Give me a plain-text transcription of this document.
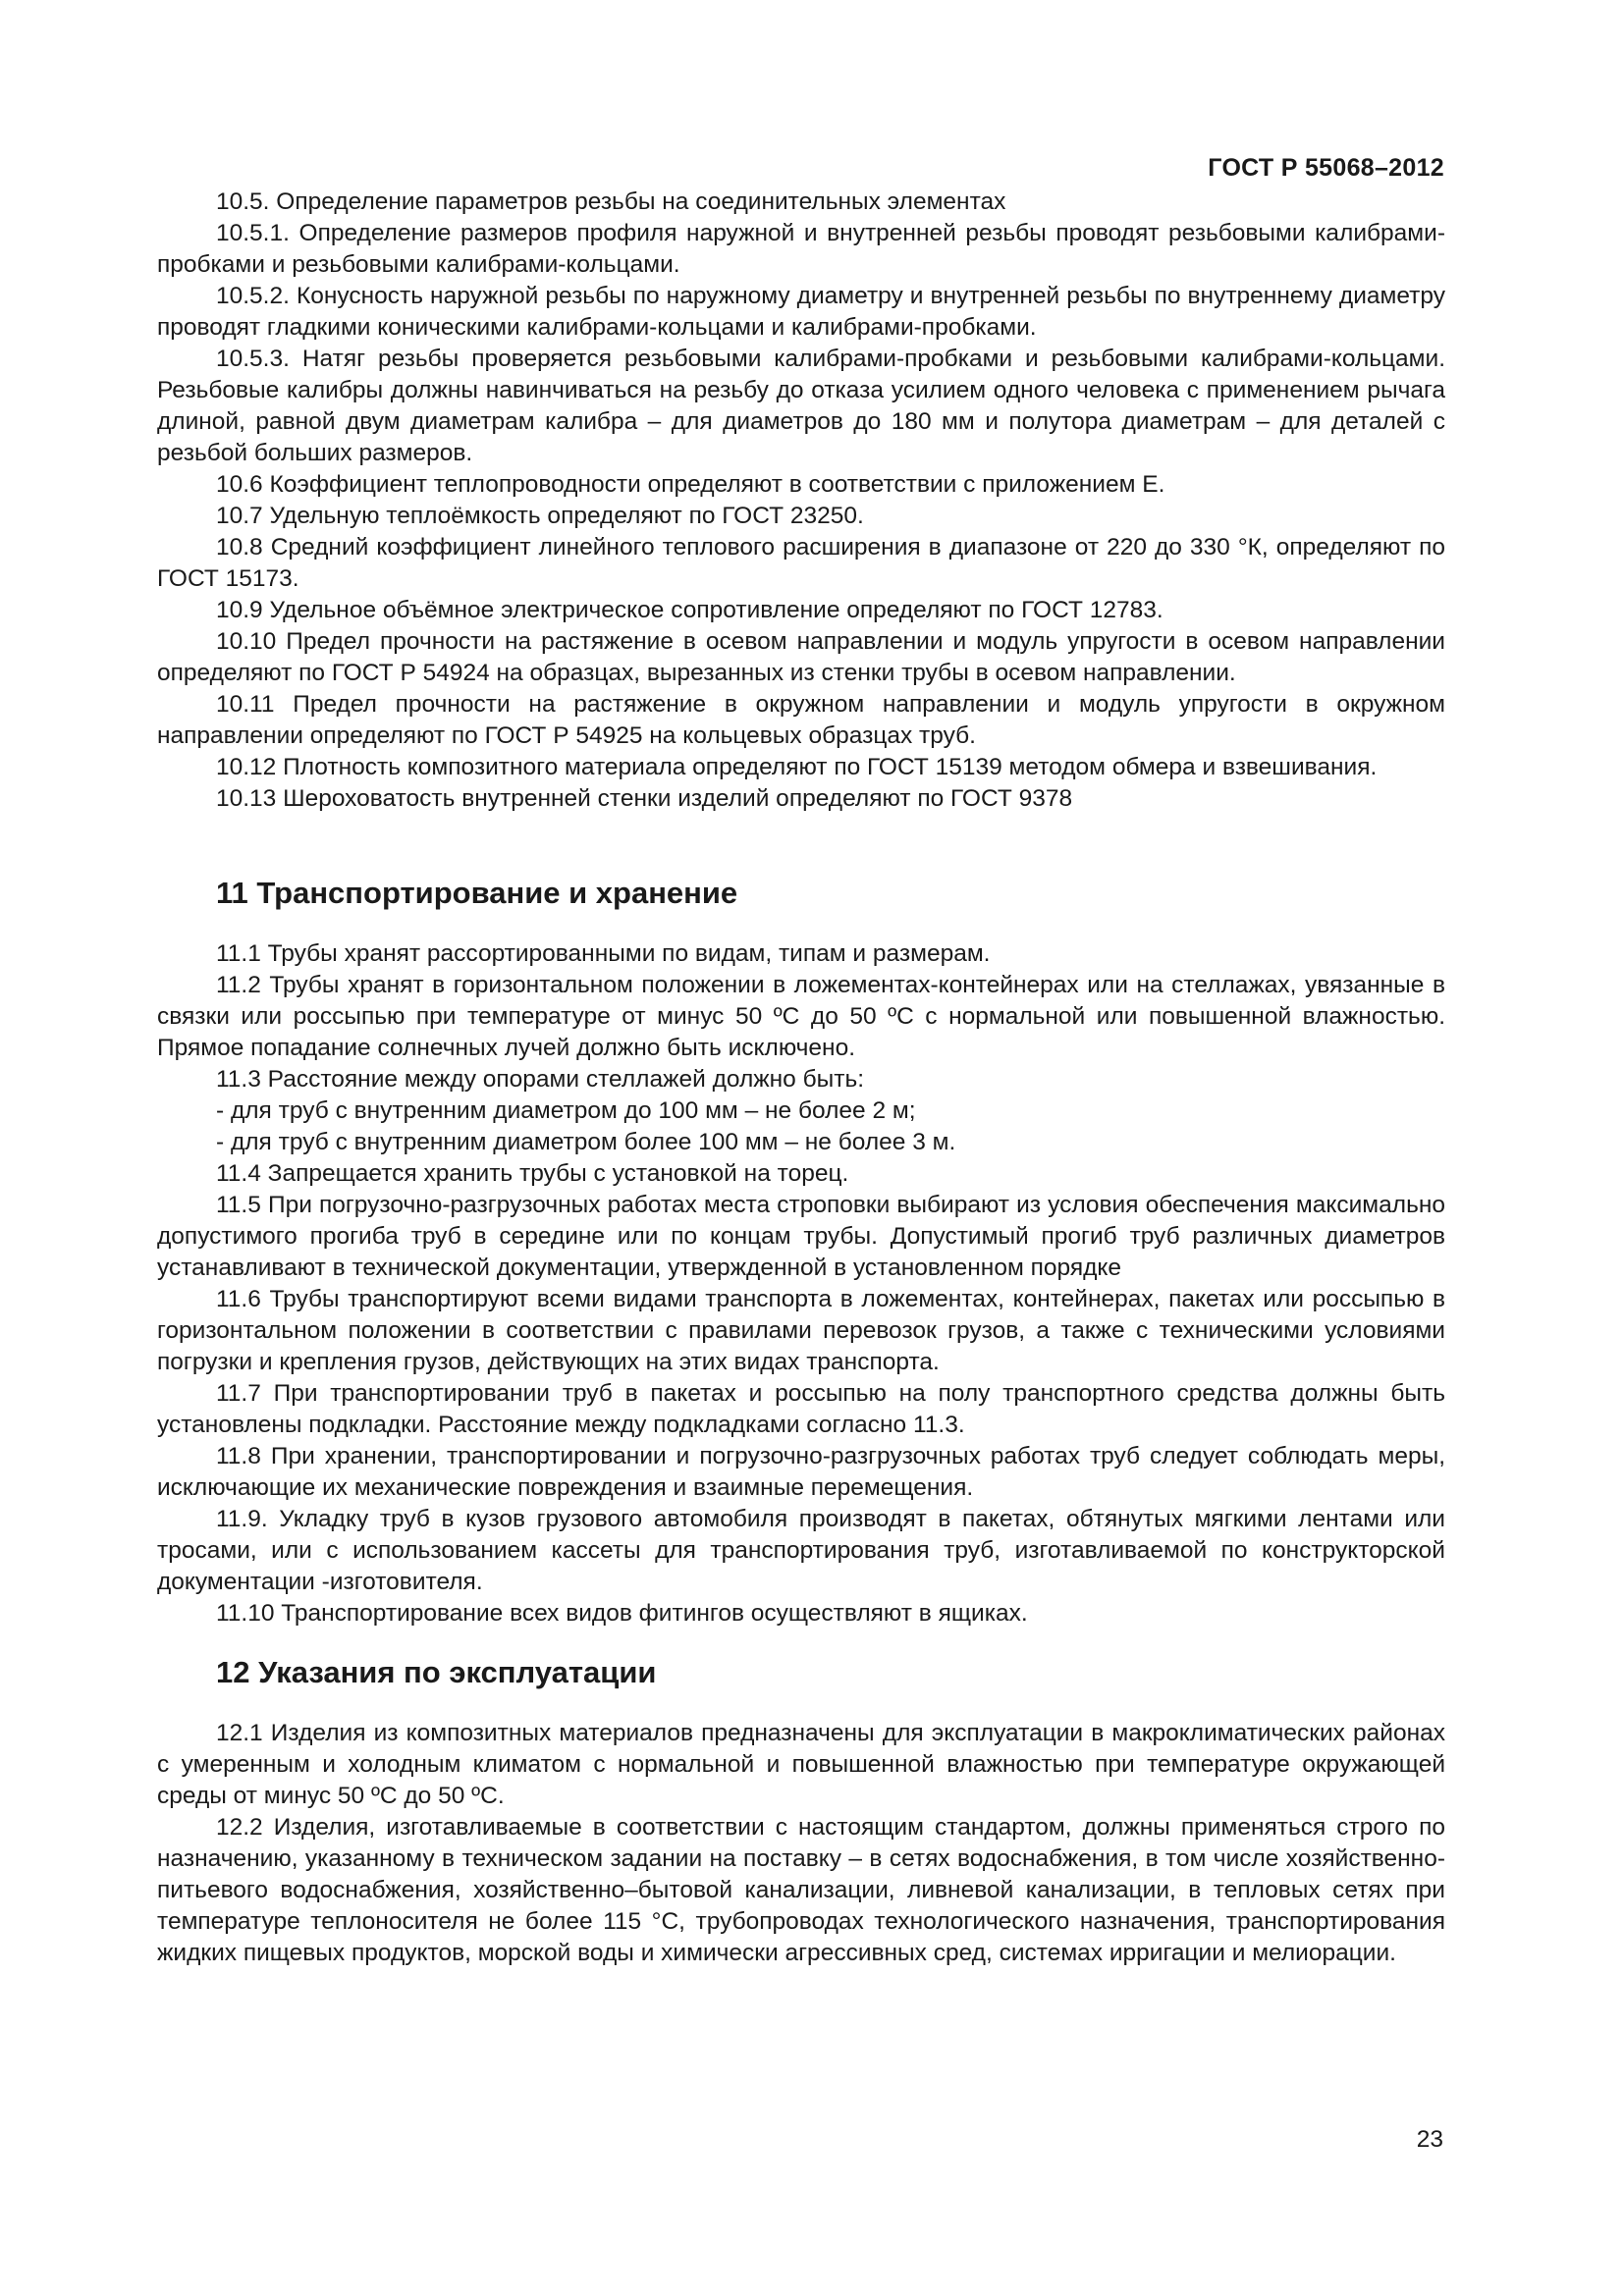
ГОСТ Р 55068–2012

10.5. Определение параметров резьбы на соединительных элементах

10.5.1. Определение размеров профиля наружной и внутренней резьбы проводят резьбовыми калибрами-пробками и резьбовыми калибрами-кольцами.

10.5.2. Конусность наружной резьбы по наружному диаметру и внутренней резьбы по внутреннему диаметру проводят гладкими коническими калибрами-кольцами и калибрами-пробками.

10.5.3. Натяг резьбы проверяется резьбовыми калибрами-пробками и резьбовыми калибрами-кольцами. Резьбовые калибры должны навинчиваться на резьбу до отказа усилием одного человека с применением рычага длиной, равной двум диаметрам калибра – для диаметров до 180 мм и полутора диаметрам – для деталей с резьбой больших размеров.

10.6 Коэффициент теплопроводности определяют в соответствии с приложением Е.

10.7 Удельную теплоёмкость определяют по ГОСТ 23250.

10.8 Средний коэффициент линейного теплового расширения в диапазоне от 220 до 330 °К, определяют по ГОСТ 15173.

10.9 Удельное объёмное электрическое сопротивление определяют по ГОСТ 12783.

10.10 Предел прочности на растяжение в осевом направлении и модуль упругости в осевом направлении определяют по ГОСТ Р 54924 на образцах, вырезанных из стенки трубы в осевом направлении.

10.11 Предел прочности на растяжение в окружном направлении и модуль упругости в окружном направлении определяют по ГОСТ Р 54925 на кольцевых образцах труб.

10.12 Плотность композитного материала определяют по ГОСТ 15139 методом обмера и взвешивания.

10.13 Шероховатость внутренней стенки изделий определяют по ГОСТ 9378

11 Транспортирование и хранение

11.1 Трубы хранят рассортированными по видам, типам и размерам.

11.2 Трубы хранят в горизонтальном положении в ложементах-контейнерах или на стеллажах, увязанные в связки или россыпью при температуре от минус 50 ºС до 50 ºС с нормальной или повышенной влажностью. Прямое попадание солнечных лучей должно быть исключено.

11.3 Расстояние между опорами стеллажей должно быть:

- для труб с внутренним диаметром до 100 мм – не более 2 м;

- для труб с внутренним диаметром более 100 мм – не более 3 м.

11.4 Запрещается хранить трубы с установкой на торец.

11.5 При погрузочно-разгрузочных работах места строповки выбирают из условия обеспечения максимально допустимого прогиба труб в середине или по концам трубы. Допустимый прогиб труб различных диаметров устанавливают в технической документации, утвержденной в установленном порядке

11.6 Трубы транспортируют всеми видами транспорта в ложементах, контейнерах, пакетах или россыпью в горизонтальном положении в соответствии с правилами перевозок грузов, а также с техническими условиями погрузки и крепления грузов, действующих на этих видах транспорта.

11.7 При транспортировании труб в пакетах и россыпью на полу транспортного средства должны быть установлены подкладки. Расстояние между подкладками согласно 11.3.

11.8 При хранении, транспортировании и погрузочно-разгрузочных работах труб следует соблюдать меры, исключающие их механические повреждения и взаимные перемещения.

11.9. Укладку труб в кузов грузового автомобиля производят в пакетах, обтянутых мягкими лентами или тросами, или с использованием кассеты для транспортирования труб, изготавливаемой по конструкторской документации -изготовителя.

11.10 Транспортирование всех видов фитингов осуществляют в ящиках.

12 Указания по эксплуатации

12.1 Изделия из композитных материалов предназначены для эксплуатации в макроклиматических районах с умеренным и холодным климатом с нормальной и повышенной влажностью при температуре окружающей среды от минус 50 ºС до 50 ºС.

12.2 Изделия, изготавливаемые в соответствии с настоящим стандартом, должны применяться строго по назначению, указанному в техническом задании на поставку – в сетях водоснабжения, в том числе хозяйственно-питьевого водоснабжения, хозяйственно–бытовой канализации, ливневой канализации, в тепловых сетях при температуре теплоносителя не более 115 °С, трубопроводах технологического назначения, транспортирования жидких пищевых продуктов, морской воды и химически агрессивных сред, системах ирригации и мелиорации.

23
